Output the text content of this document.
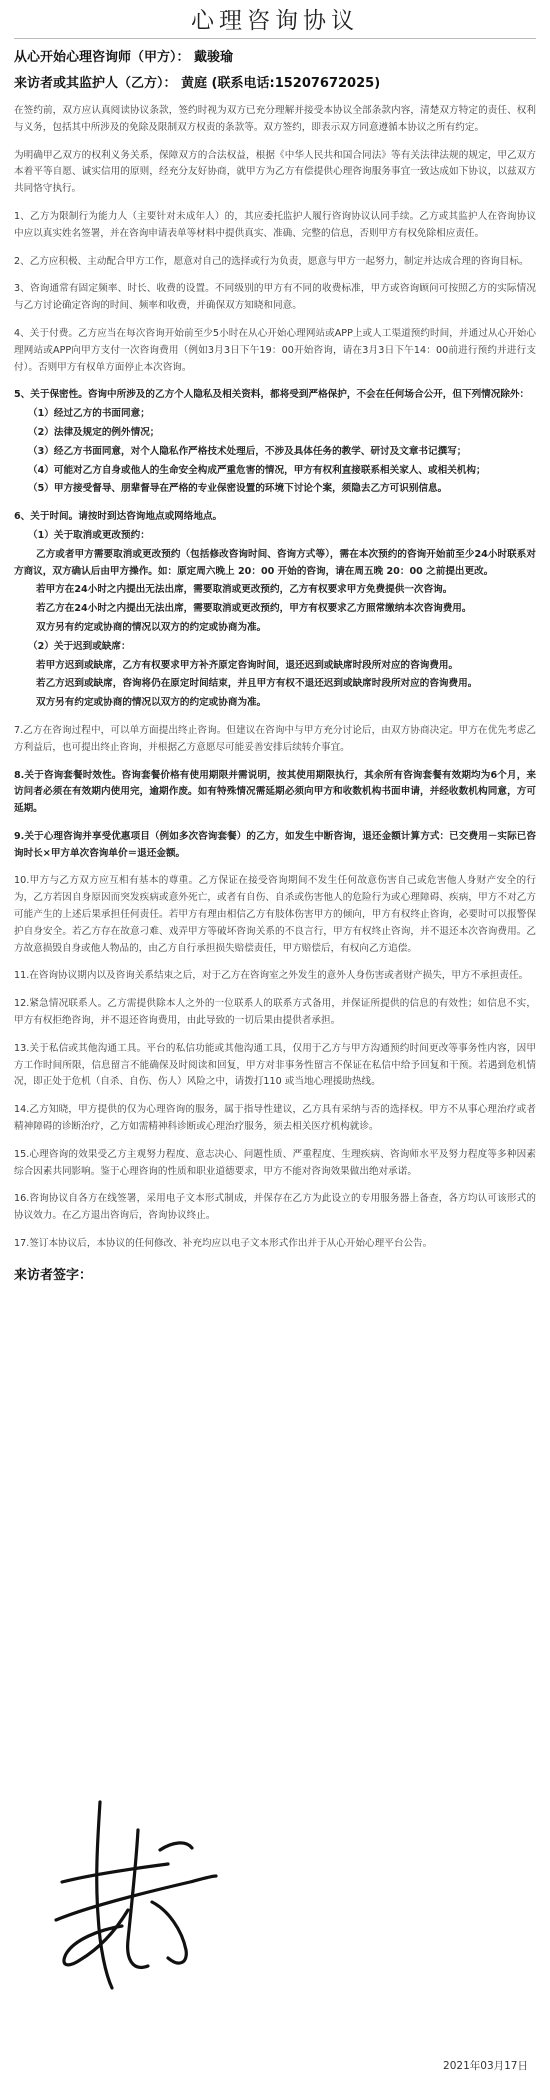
心理咨询协议
从心开始心理咨询师（甲方）： 戴骏瑜
来访者或其监护人（乙方）： 黄庭 (联系电话:15207672025)

在签约前，双方应认真阅读协议条款，签约时视为双方已充分理解并接受本协议全部条款内容，清楚双方特定的责任、权利与义务，包括其中所涉及的免除及限制双方权责的条款等。双方签约，即表示双方同意遵循本协议之所有约定。

为明确甲乙双方的权利义务关系，保障双方的合法权益，根据《中华人民共和国合同法》等有关法律法规的规定，甲乙双方本着平等自愿、诚实信用的原则，经充分友好协商，就甲方为乙方有偿提供心理咨询服务事宜一致达成如下协议，以兹双方共同恪守执行。

1、乙方为限制行为能力人（主要针对未成年人）的，其应委托监护人履行咨询协议认同手续。乙方或其监护人在咨询协议中应以真实姓名签署，并在咨询申请表单等材料中提供真实、准确、完整的信息，否则甲方有权免除相应责任。

2、乙方应积极、主动配合甲方工作，愿意对自己的选择或行为负责，愿意与甲方一起努力，制定并达成合理的咨询目标。

3、咨询通常有固定频率、时长、收费的设置。不同级别的甲方有不同的收费标准，甲方或咨询顾问可按照乙方的实际情况与乙方讨论确定咨询的时间、频率和收费，并确保双方知晓和同意。

4、关于付费。乙方应当在每次咨询开始前至少5小时在从心开始心理网站或APP上或人工渠道预约时间，并通过从心开始心理网站或APP向甲方支付一次咨询费用（例如3月3日下午19：00开始咨询，请在3月3日下午14：00前进行预约并进行支付）。否则甲方有权单方面停止本次咨询。

5、关于保密性。咨询中所涉及的乙方个人隐私及相关资料，都将受到严格保护，不会在任何场合公开，但下列情况除外：

（1）经过乙方的书面同意；

（2）法律及规定的例外情况；

（3）经乙方书面同意，对个人隐私作严格技术处理后，不涉及具体任务的教学、研讨及文章书记撰写；

（4）可能对乙方自身或他人的生命安全构成严重危害的情况，甲方有权利直接联系相关家人、或相关机构；

（5）甲方接受督导、朋辈督导在严格的专业保密设置的环境下讨论个案，须隐去乙方可识别信息。

6、关于时间。请按时到达咨询地点或网络地点。

（1）关于取消或更改预约：

乙方或者甲方需要取消或更改预约（包括修改咨询时间、咨询方式等），需在本次预约的咨询开始前至少24小时联系对方商议，双方确认后由甲方操作。如：原定周六晚上 20：00 开始的咨询，请在周五晚 20：00 之前提出更改。

若甲方在24小时之内提出无法出席，需要取消或更改预约，乙方有权要求甲方免费提供一次咨询。

若乙方在24小时之内提出无法出席，需要取消或更改预约，甲方有权要求乙方照常缴纳本次咨询费用。

双方另有约定或协商的情况以双方的约定或协商为准。

（2）关于迟到或缺席：

若甲方迟到或缺席，乙方有权要求甲方补齐原定咨询时间，退还迟到或缺席时段所对应的咨询费用。

若乙方迟到或缺席，咨询将仍在原定时间结束，并且甲方有权不退还迟到或缺席时段所对应的咨询费用。

双方另有约定或协商的情况以双方的约定或协商为准。

7.乙方在咨询过程中，可以单方面提出终止咨询。但建议在咨询中与甲方充分讨论后，由双方协商决定。甲方在优先考虑乙方利益后，也可提出终止咨询，并根据乙方意愿尽可能妥善安排后续转介事宜。

8.关于咨询套餐时效性。咨询套餐价格有使用期限并需说明，按其使用期限执行，其余所有咨询套餐有效期均为6个月，来访问者必须在有效期内使用完，逾期作废。如有特殊情况需延期必须向甲方和收数机构书面申请，并经收数机构同意，方可延期。

9.关于心理咨询并享受优惠项目（例如多次咨询套餐）的乙方，如发生中断咨询，退还金额计算方式：已交费用－实际已咨询时长×甲方单次咨询单价＝退还金额。

10.甲方与乙方双方应互相有基本的尊重。乙方保证在接受咨询期间不发生任何故意伤害自己或危害他人身财产安全的行为，乙方若因自身原因而突发疾病或意外死亡，或者有自伤、自杀或伤害他人的危险行为或心理障碍、疾病，甲方不对乙方可能产生的上述后果承担任何责任。若甲方有理由相信乙方有肢体伤害甲方的倾向，甲方有权终止咨询，必要时可以报警保护自身安全。若乙方存在故意刁难、戏弄甲方等破坏咨询关系的不良言行，甲方有权终止咨询，并不退还本次咨询费用。乙方故意损毁自身或他人物品的，由乙方自行承担损失赔偿责任，甲方赔偿后，有权向乙方追偿。

11.在咨询协议期内以及咨询关系结束之后，对于乙方在咨询室之外发生的意外人身伤害或者财产损失，甲方不承担责任。

12.紧急情况联系人。乙方需提供除本人之外的一位联系人的联系方式备用，并保证所提供的信息的有效性；如信息不实，甲方有权拒绝咨询，并不退还咨询费用，由此导致的一切后果由提供者承担。

13.关于私信或其他沟通工具。平台的私信功能或其他沟通工具，仅用于乙方与甲方沟通预约时间更改等事务性内容，因甲方工作时间所限，信息留言不能确保及时阅读和回复，甲方对非事务性留言不保证在私信中给予回复和干预。若遇到危机情况，即正处于危机（自杀、自伤、伤人）风险之中，请拨打110 或当地心理援助热线。

14.乙方知晓，甲方提供的仅为心理咨询的服务，属于指导性建议，乙方具有采纳与否的选择权。甲方不从事心理治疗或者精神障碍的诊断治疗，乙方如需精神科诊断或心理治疗服务，须去相关医疗机构就诊。

15.心理咨询的效果受乙方主观努力程度、意志决心、问题性质、严重程度、生理疾病、咨询师水平及努力程度等多种因素综合因素共同影响。鉴于心理咨询的性质和职业道德要求，甲方不能对咨询效果做出绝对承诺。

16.咨询协议自各方在线签署，采用电子文本形式制成，并保存在乙方为此设立的专用服务器上备查，各方均认可该形式的协议效力。在乙方退出咨询后，咨询协议终止。

17.签订本协议后，本协议的任何修改、补充均应以电子文本形式作出并于从心开始心理平台公告。

来访者签字：
2021年03月17日
